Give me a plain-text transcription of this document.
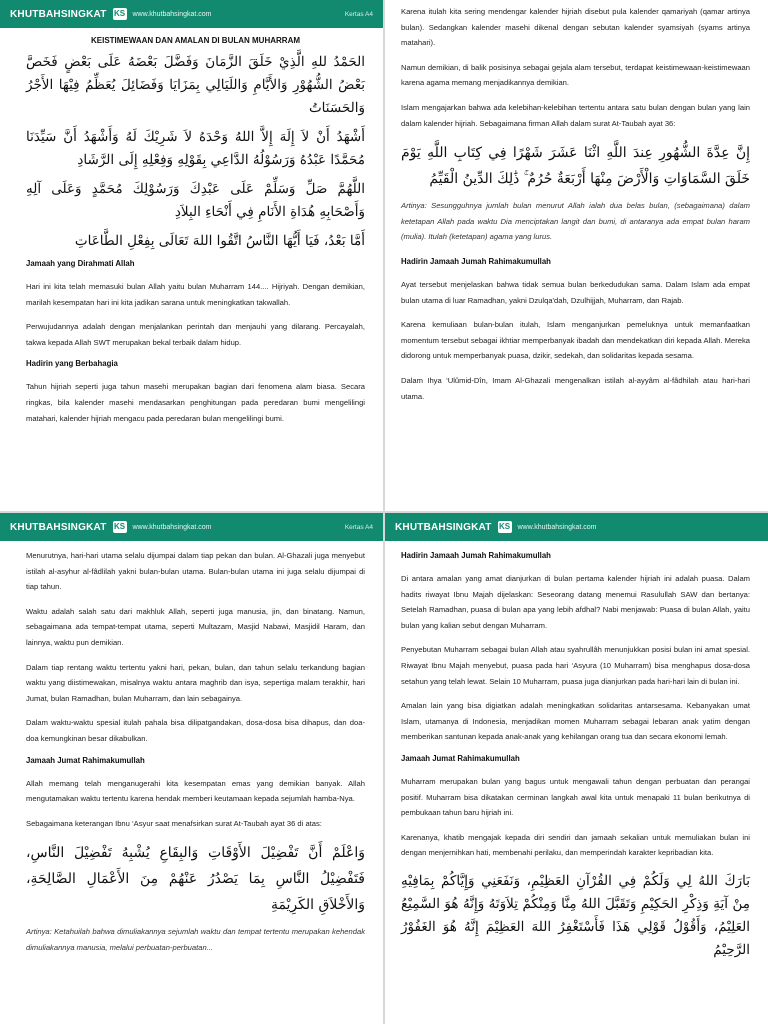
KHUTBAHSINGKAT KS www.khutbahsingkat.com	Kertas A4
KEISTIMEWAAN DAN AMALAN DI BULAN MUHARRAM

الحَمْدُ للهِ الَّذِيْ خَلَقَ الزَّمَانَ وَفَضَّلَ بَعْضَهُ عَلَى بَعْضٍ فَخَصَّ بَعْضُ الشُّهُوْرِ وَالأَيَّامِ وَاللَيَالِي بِمَزَايَا وَفَضَائِلَ يُعَظِّمُ فِيْهَا الأَجْرُ وَالحَسَنَاتُ

أَشْهَدُ أَنْ لاَ إِلَهَ إِلاَّ اللهُ وَحْدَهُ لاَ شَرِيْكَ لَهُ وَأَشْهَدُ أَنَّ سَيِّدَنَا مُحَمَّدًا عَبْدُهُ وَرَسُوْلُهُ الدَّاعِي بِقَوْلِهِ وَفِعْلِهِ إِلَى الرَّشَادِ

اللَّهُمَّ صَلِّ وَسَلِّمْ عَلَى عَبْدِكَ وَرَسُوْلِكَ مُحَمَّدٍ وَعَلَى آلِهِ وَأَصْحَابِهِ هُدَاةِ الأَنَامِ فِي أَنْحَاءِ البِلاَدِ

أَمَّا بَعْدُ، فَيَا أَيُّهَا النَّاسُ اتَّقُوا اللهَ تَعَالَى بِفِعْلِ الطَّاعَاتِ

Jamaah yang Dirahmati Allah

Hari ini kita telah memasuki bulan Allah yaitu bulan Muharram 144.... Hijriyah. Dengan demikian, marilah kesempatan hari ini kita jadikan sarana untuk meningkatkan takwallah.

Perwujudannya adalah dengan menjalankan perintah dan menjauhi yang dilarang. Percayalah, takwa kepada Allah SWT merupakan bekal terbaik dalam hidup.

Hadirin yang Berbahagia

Tahun hijriah seperti juga tahun masehi merupakan bagian dari fenomena alam biasa. Secara ringkas, bila kalender masehi mendasarkan penghitungan pada peredaran bumi mengelilingi matahari, kalender hijriah mengacu pada peredaran bulan mengelilingi bumi.

Karena itulah kita sering mendengar kalender hijriah disebut pula kalender qamariyah (qamar artinya bulan). Sedangkan kalender masehi dikenal dengan sebutan kalender syamsiyah (syams artinya matahari).

Namun demikian, di balik posisinya sebagai gejala alam tersebut, terdapat keistimewaan-keistimewaan karena agama memang menjadikannya demikian.

Islam mengajarkan bahwa ada kelebihan-kelebihan tertentu antara satu bulan dengan bulan yang lain dalam kalender hijriah. Sebagaimana firman Allah dalam surat At-Taubah ayat 36:

إِنَّ عِدَّةَ الشُّهُورِ عِندَ اللَّهِ اثْنَا عَشَرَ شَهْرًا فِي كِتَابِ اللَّهِ يَوْمَ خَلَقَ السَّمَاوَاتِ وَالْأَرْضَ مِنْهَا أَرْبَعَةٌ حُرُمٌ ۚ ذَٰلِكَ الدِّينُ الْقَيِّمُ

Artinya: Sesungguhnya jumlah bulan menurut Allah ialah dua belas bulan, (sebagaimana) dalam ketetapan Allah pada waktu Dia menciptakan langit dan bumi, di antaranya ada empat bulan haram (mulia). Itulah (ketetapan) agama yang lurus.

Hadirin Jamaah Jumah Rahimakumullah

Ayat tersebut menjelaskan bahwa tidak semua bulan berkedudukan sama. Dalam Islam ada empat bulan utama di luar Ramadhan, yakni Dzulqa'dah, Dzulhijjah, Muharram, dan Rajab.

Karena kemuliaan bulan-bulan itulah, Islam menganjurkan pemeluknya untuk memanfaatkan momentum tersebut sebagai ikhtiar memperbanyak ibadah dan mendekatkan diri kepada Allah. Mereka didorong untuk memperbanyak puasa, dzikir, sedekah, dan solidaritas kepada sesama.

Dalam Ihya ‘Ulûmid-Dîn, Imam Al-Ghazali mengenalkan istilah al-ayyâm al-fâdhilah atau hari-hari utama.

KHUTBAHSINGKAT KS www.khutbahsingkat.com	Kertas A4

Menurutnya, hari-hari utama selalu dijumpai dalam tiap pekan dan bulan. Al-Ghazali juga menyebut istilah al-asyhur al-fâdlilah yakni bulan-bulan utama. Bulan-bulan utama ini juga selalu dijumpai di tiap tahun.

Waktu adalah salah satu dari makhluk Allah, seperti juga manusia, jin, dan binatang. Namun, sebagaimana ada tempat-tempat utama, seperti Multazam, Masjid Nabawi, Masjidil Haram, dan lainnya, waktu pun demikian.

Dalam tiap rentang waktu tertentu yakni hari, pekan, bulan, dan tahun selalu terkandung bagian waktu yang diistimewakan, misalnya waktu antara maghrib dan isya, sepertiga malam terakhir, hari Jumat, bulan Ramadhan, bulan Muharram, dan lain sebagainya.

Dalam waktu-waktu spesial itulah pahala bisa dilipatgandakan, dosa-dosa bisa dihapus, dan doa-doa kemungkinan besar dikabulkan.

Jamaah Jumat Rahimakumullah

Allah memang telah menganugerahi kita kesempatan emas yang demikian banyak. Allah mengutamakan waktu tertentu karena hendak memberi keutamaan kepada sejumlah hamba-Nya.

Sebagaimana keterangan Ibnu ‘Asyur saat menafsirkan surat At-Taubah ayat 36 di atas:

وَاعْلَمْ أَنَّ تَفْضِيْلَ الأَوْقَاتِ وَالبِقَاعِ يُشْبِهُ تَفْضِيْلَ النَّاسِ، فَتَفْضِيْلُ النَّاسِ بِمَا يَصْدُرُ عَنْهُمْ مِنَ الأَعْمَالِ الصَّالِحَةِ، وَالأَخْلاَقِ الكَرِيْمَةِ

Artinya: Ketahuilah bahwa dimuliakannya sejumlah waktu dan tempat tertentu merupakan kehendak dimuliakannya manusia, melalui perbuatan-perbuatan...

KHUTBAHSINGKAT KS www.khutbahsingkat.com
Hadirin Jamaah Jumah Rahimakumullah

Di antara amalan yang amat dianjurkan di bulan pertama kalender hijriah ini adalah puasa. Dalam hadits riwayat Ibnu Majah dijelaskan: Seseorang datang menemui Rasulullah SAW dan bertanya: Setelah Ramadhan, puasa di bulan apa yang lebih afdhal? Nabi menjawab: Puasa di bulan Allah, yaitu bulan yang kalian sebut dengan Muharram.

Penyebutan Muharram sebagai bulan Allah atau syahrullâh menunjukkan posisi bulan ini amat spesial. Riwayat Ibnu Majah menyebut, puasa pada hari ‘Asyura (10 Muharram) bisa menghapus dosa-dosa setahun yang telah lewat. Selain 10 Muharram, puasa juga dianjurkan pada hari-hari lain di bulan ini.

Amalan lain yang bisa digiatkan adalah meningkatkan solidaritas antarsesama. Kebanyakan umat Islam, utamanya di Indonesia, menjadikan momen Muharram sebagai lebaran anak yatim dengan memberikan santunan kepada anak-anak yang kehilangan orang tua dan secara ekonomi lemah.

Jamaah Jumat Rahimakumullah

Muharram merupakan bulan yang bagus untuk mengawali tahun dengan perbuatan dan perangai positif. Muharram bisa dikatakan cerminan langkah awal kita untuk menapaki 11 bulan berikutnya di pembukaan tahun baru hijriah ini.

Karenanya, khatib mengajak kepada diri sendiri dan jamaah sekalian untuk memuliakan bulan ini dengan menjernihkan hati, membenahi perilaku, dan memperindah karakter kepribadian kita.

بَارَكَ اللهُ لِي وَلَكُمْ فِي القُرْآنِ العَظِيْمِ، وَنَفَعَنِي وَإِيَّاكُمْ بِمَافِيْهِ مِنْ آيَةِ وَذِكْرِ الحَكِيْمِ وَتَقَبَّلَ اللهُ مِنَّا وَمِنْكُمْ تِلاَوَتَهُ وَإِنَّهُ هُوَ السَّمِيْعُ العَلِيْمُ، وَأَقُوْلُ قَوْلِي هَذَا فَأَسْتَغْفِرُ اللهَ العَظِيْمَ إِنَّهُ هُوَ الغَفُوْرُ الرَّحِيْمُ
